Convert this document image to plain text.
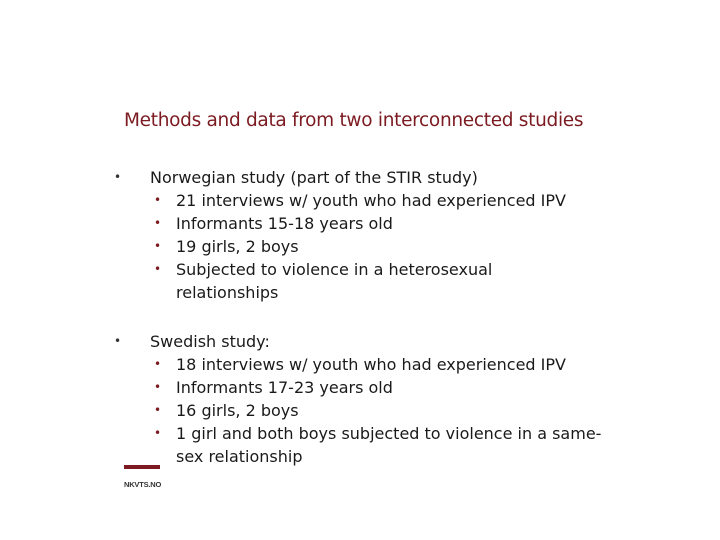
Methods and data from two interconnected studies
• Norwegian study (part of the STIR study)
• 21 interviews w/ youth who had experienced IPV
• Informants 15-18 years old
• 19 girls, 2 boys
• Subjected to violence in a heterosexual relationships
• Swedish study:
• 18 interviews w/ youth who had experienced IPV
• Informants 17-23 years old
• 16 girls, 2 boys
• 1 girl and both boys subjected to violence in a same-sex relationship
NKVTS.NO
